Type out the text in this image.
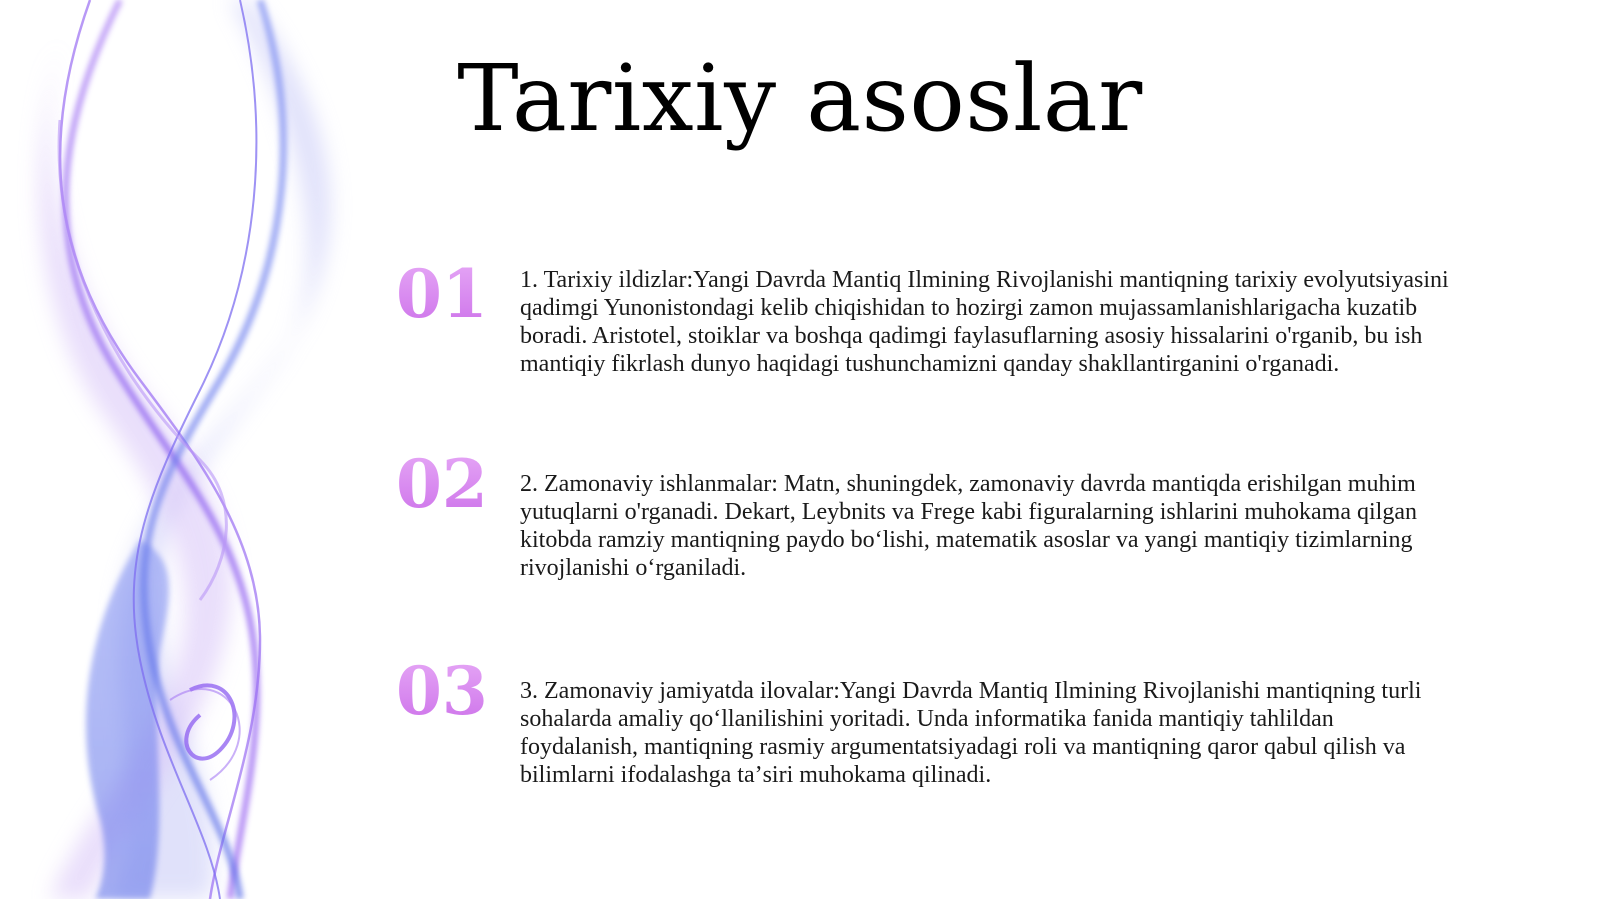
Tarixiy asoslar
01	1. Tarixiy ildizlar:Yangi Davrda Mantiq Ilmining Rivojlanishi mantiqning tarixiy evolyutsiyasini qadimgi Yunonistondagi kelib chiqishidan to hozirgi zamon mujassamlanishlarigacha kuzatib boradi. Aristotel, stoiklar va boshqa qadimgi faylasuflarning asosiy hissalarini o'rganib, bu ish mantiqiy fikrlash dunyo haqidagi tushunchamizni qanday shakllantirganini o'rganadi.

02	2. Zamonaviy ishlanmalar: Matn, shuningdek, zamonaviy davrda mantiqda erishilgan muhim yutuqlarni o'rganadi. Dekart, Leybnits va Frege kabi figuralarning ishlarini muhokama qilgan kitobda ramziy mantiqning paydo boʻlishi, matematik asoslar va yangi mantiqiy tizimlarning rivojlanishi oʻrganiladi.

03	3. Zamonaviy jamiyatda ilovalar:Yangi Davrda Mantiq Ilmining Rivojlanishi mantiqning turli sohalarda amaliy qoʻllanilishini yoritadi. Unda informatika fanida mantiqiy tahlildan foydalanish, mantiqning rasmiy argumentatsiyadagi roli va mantiqning qaror qabul qilish va bilimlarni ifodalashga taʼsiri muhokama qilinadi.
